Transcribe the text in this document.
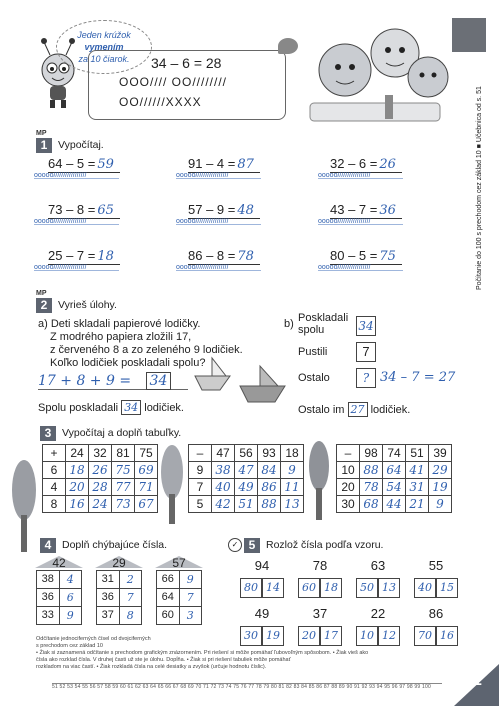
Jeden krúžok
vymením
za 10 čiarok.	34 – 6 = 28
OOO//// OO////////
OO//////XXXX	Počítanie do 100 s prechodom cez základ 10 ■ Učebnica od s. 51
MP
1	Vypočítaj.
64 – 5 = 59	91 – 4 = 87	32 – 6 = 26
ooooo/////////////////	ooooo/////////////////	ooooo/////////////////
73 – 8 = 65	57 – 9 = 48	43 – 7 = 36
ooooo/////////////////	ooooo/////////////////	ooooo/////////////////
25 – 7 = 18	86 – 8 = 78	80 – 5 = 75
ooooo/////////////////	ooooo/////////////////	ooooo/////////////////
MP
2	Vyrieš úlohy.
a) Deti skladali papierové lodičky.
Z modrého papiera zložili 17,
z červeného 8 a zo zeleného 9 lodičiek.
Koľko lodičiek poskladali spolu?
17 + 8 + 9 = 34
Spolu poskladali 34 lodičiek.
b) Poskladali spolu	34
Pustili	7
Ostalo	? 34 – 7 = 27
Ostalo im 27 lodičiek.
3	Vypočítaj a doplň tabuľky.
+	24	32	81	75
6	18	26	75	69
4	20	28	77	71
8	16	24	73	67
–	47	56	93	18
9	38	47	84	9
7	40	49	86	11
5	42	51	88	13
–	98	74	51	39
10	88	64	41	29
20	78	54	31	19
30	68	44	21	9
4	Doplň chýbajúce čísla.
42
38	4
36	6
33	9
29
31	2
36	7
37	8
57
66	9
64	7
60	3
✓ 5	Rozlož čísla podľa vzoru.
94
80 14
78
60 18
63
50 13
55
40 15
49
30 19
37
20 17
22
10 12
86
70 16
Odčítanie jednociferných čísel od dvojciferných
s prechodom cez základ 10
• Žiak si zaznamená odčítanie s prechodom grafickým znázornením. Pri riešení si môže pomáhať ľubovoľným spôsobom. • Žiak vieš ako
čísla ako rozklad čísla. V druhej časti už ste je úlohu. Dopĺňa. • Žiak si pri riešení tabuliek môže pomáhať
rozkladom na viac častí. • Žiak rozkladá čísla na celé desiatky a zvyšok (určuje hodnotu číslic).
51 52 53 54 55 56 57 58 59 60 61 62 63 64 65 66 67 68 69 70 71 72 73 74 75 76 77 78 79 80 81 82 83 84 85 86 87 88 89 90 91 92 93 94 95 96 97 98 99 100	31
